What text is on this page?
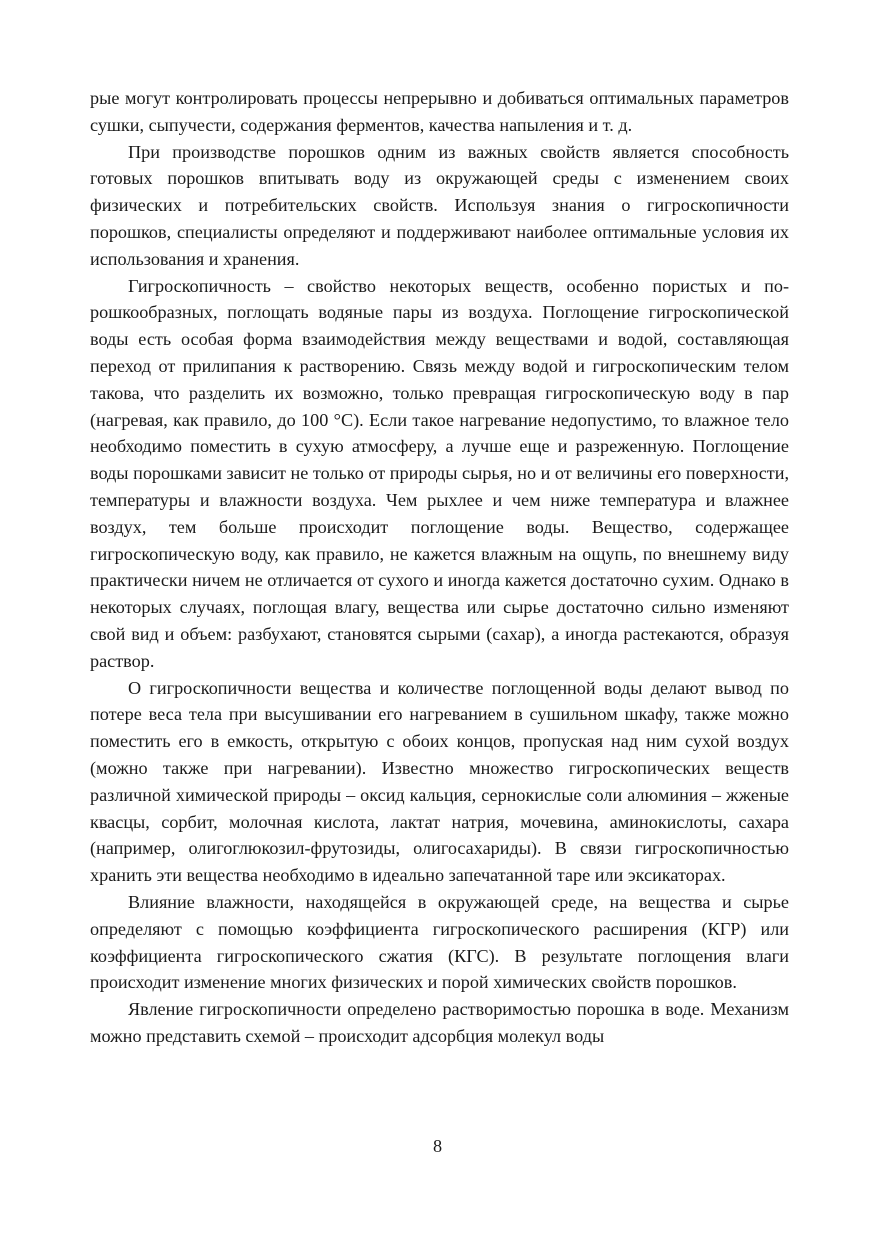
рые могут контролировать процессы непрерывно и добиваться оптимальных параметров сушки, сыпучести, содержания ферментов, качества напыления и т. д.

При производстве порошков одним из важных свойств является способность готовых порошков впитывать воду из окружающей среды с изменением своих физических и потребительских свойств. Используя знания о гигроскопичности порошков, специалисты определяют и поддерживают наиболее оптимальные условия их использования и хранения.

Гигроскопичность – свойство некоторых веществ, особенно пористых и порошкообразных, поглощать водяные пары из воздуха. Поглощение гигроскопической воды есть особая форма взаимодействия между веществами и водой, составляющая переход от прилипания к растворению. Связь между водой и гигроскопическим телом такова, что разделить их возможно, только превращая гигроскопическую воду в пар (нагревая, как правило, до 100 °С). Если такое нагревание недопустимо, то влажное тело необходимо поместить в сухую атмосферу, а лучше еще и разреженную. Поглощение воды порошками зависит не только от природы сырья, но и от величины его поверхности, температуры и влажности воздуха. Чем рыхлее и чем ниже температура и влажнее воздух, тем больше происходит поглощение воды. Вещество, содержащее гигроскопическую воду, как правило, не кажется влажным на ощупь, по внешнему виду практически ничем не отличается от сухого и иногда кажется достаточно сухим. Однако в некоторых случаях, поглощая влагу, вещества или сырье достаточно сильно изменяют свой вид и объем: разбухают, становятся сырыми (сахар), а иногда растекаются, образуя раствор.

О гигроскопичности вещества и количестве поглощенной воды делают вывод по потере веса тела при высушивании его нагреванием в сушильном шкафу, также можно поместить его в емкость, открытую с обоих концов, пропуская над ним сухой воздух (можно также при нагревании). Известно множество гигроскопических веществ различной химической природы – оксид кальция, сернокислые соли алюминия – жженые квасцы, сорбит, молочная кислота, лактат натрия, мочевина, аминокислоты, сахара (например, олигоглюкозил-фрутозиды, олигосахариды). В связи гигроскопичностью хранить эти вещества необходимо в идеально запечатанной таре или эксикаторах.

Влияние влажности, находящейся в окружающей среде, на вещества и сырье определяют с помощью коэффициента гигроскопического расширения (КГР) или коэффициента гигроскопического сжатия (КГС). В результате поглощения влаги происходит изменение многих физических и порой химических свойств порошков.

Явление гигроскопичности определено растворимостью порошка в воде. Механизм можно представить схемой – происходит адсорбция молекул воды

8
